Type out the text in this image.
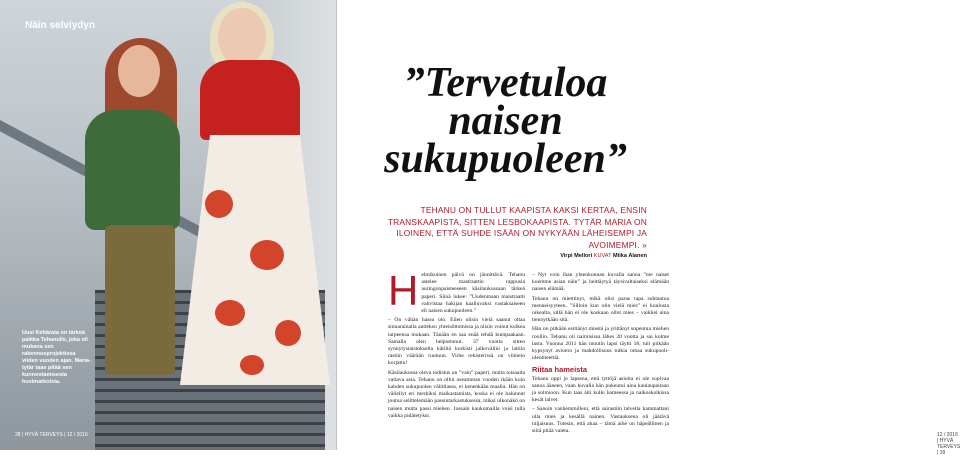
Näin selviydyn
Uusi Kehärata on tärkeä paikka Tehanulle, joka oli mukana sen rakennusprojektissa viiden vuoden ajan. Maria-tytär taas pitää sen kunnostamisesta huvimatkoista.
38 | HYVÄ TERVEYS | 12 / 2016
”Tervetuloa
naisen
sukupuoleen”
TEHANU ON TULLUT KAAPISTA KAKSI KERTAA, ENSIN TRANSKAAPISTA, SITTEN LESBOKAAPISTA. TYTÄR MARIA ON ILOINEN, ETTÄ SUHDE ISÄÄN ON NYKYÄÄN LÄHEISEMPI JA AVOIMEMPI. »
Virpi Mellori KUVAT Miika Alanen
12 / 2016 | HYVÄ TERVEYS | 39

Helmikuinen päivä on jännittävä. Tehanu astelee mastraattin rappusia auringonpaisteeseen käsilaukussaan tärkeä paperi. Siinä lukee: ”Uudenmaan maistraatti vahvistaa hakijan kaaliuvaksi vastaksaiseen eli naisen sukupuoleen.”

– On vähän hassu olo. Eilen olisin vielä saanut ottaa sinnarainalla autteksu yhteisöttomissa ja olisin voinut kulkea tarpeensa mukaan. Tänään en saa enää tehdä kumpaakaan. Samalla olen helpottunut. 37 vuotta sitten synnytystaistokselta kätiltä kurkisti jalkovälini ja lattiin rastiin väärään ruutuun. Virhe rekisterissä on viimein korjattu!

Käsilaukussa oleva todistus on ”vain” paperi, mutta toisaalta valtava asia. Tehanu on ollut useamman vuoden ikään kuin kahden sukupuolen välitilassa, ei kenenkään maalla. Hän on väliellyt eri merkiksi maikastamista, koska ei ole halunnut joutua selittelemään passintarkastuksessa, miksi ulkonäkö on naisen mutta passi miehen. Jossain kaukomailla voisi tulla vaikka pidätetyksi.

– Nyt voin ihan yhtenkunnan kuvalla sanoa ”me naiset koemme asian näin” ja heittäytyä täysivaltaiseksi elämään naisen elämää.

Tehanu on mietttinyt, mikä olisi paras tapa suhtautua menneisyyteen. ”Silloin kun olin vielä mies” ei kuulosta oikealta, sillä hän ei ole koskaan ollut mies – vaikkei aina tiennytkään sitä.

Hän on pitkään esittänyt miestä ja yrittänyt sopeutua miehen rooliin. Tehanu oli naimisissa lähes 20 vuotta ja sai kolme lasta. Vuonna 2011 hän muutin lapsi täytti 18, tuli pitkään kypsynyt avioero ja mahdollisuus tutkia omaa sukupuoli-identiteettiä.

Riitaa hameista

Tehanu oppi jo lapsena, että tyttöjä asioita ei ole sopivaa sanoa ääneen, vaan kuvalla hän pukeutui aina kaulaupaitaan ja solmioon. Kun taas äiti kulki hameessa ja naikoskolkissa kesät talvet.

– Sanoin vanhemmilleni, että sairastiin talvella kammattani ulla mies ja kesällä nainen. Vastauksena oli jäätävä hiljaisuus. Totesin, että ahaa – tämä aihe on häpeällinen ja siitä pitää vaieta.
